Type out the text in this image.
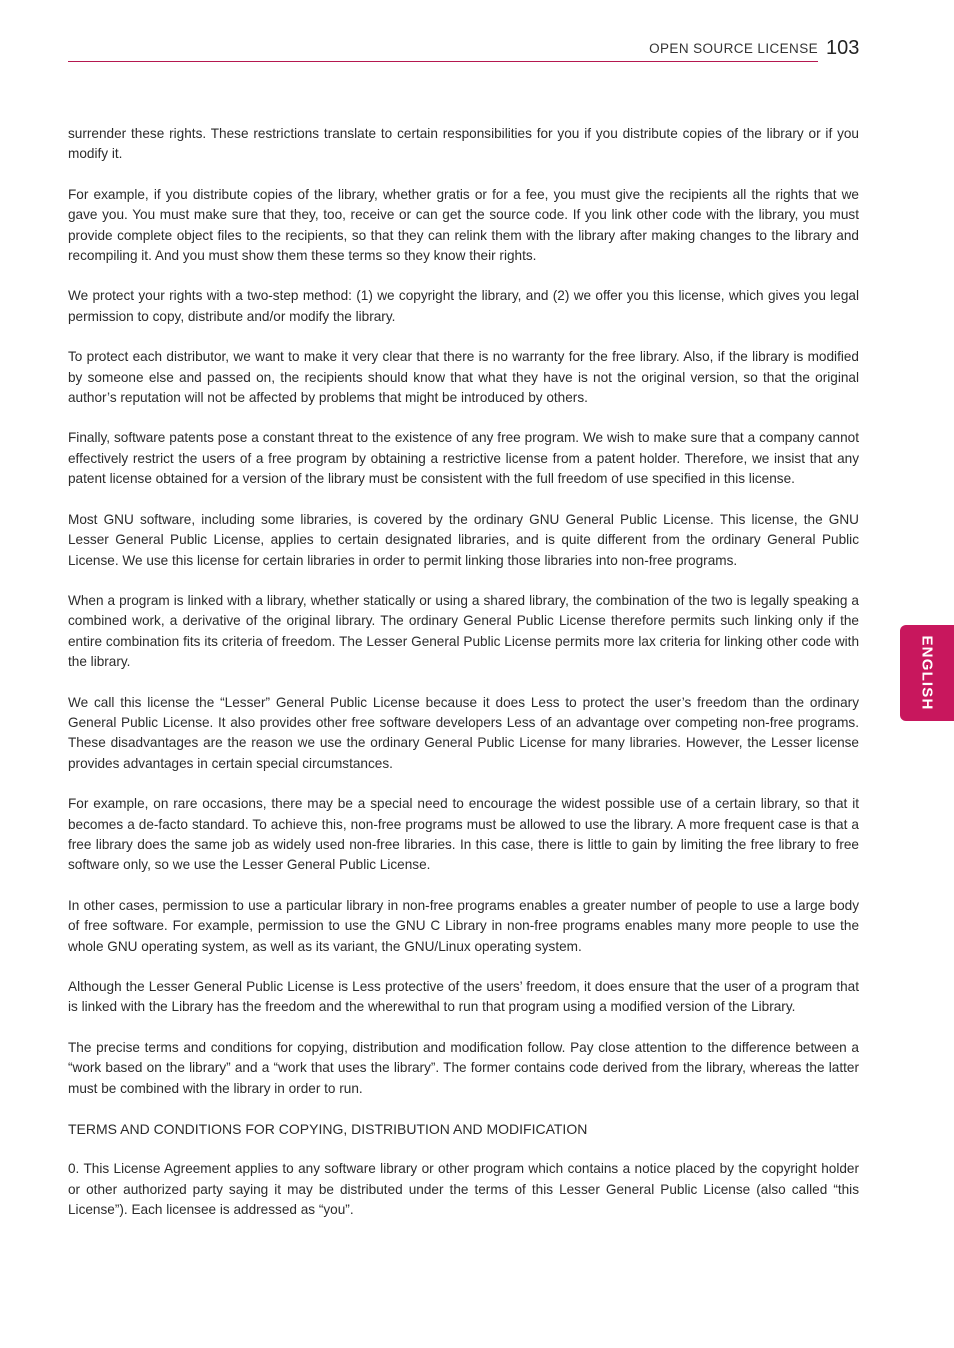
OPEN SOURCE LICENSE 103

surrender these rights. These restrictions translate to certain responsibilities for you if you distribute copies of the library or if you modify it.

For example, if you distribute copies of the library, whether gratis or for a fee, you must give the recipients all the rights that we gave you. You must make sure that they, too, receive or can get the source code. If you link other code with the library, you must provide complete object files to the recipients, so that they can relink them with the library after making changes to the library and recompiling it. And you must show them these terms so they know their rights.

We protect your rights with a two-step method: (1) we copyright the library, and (2) we offer you this license, which gives you legal permission to copy, distribute and/or modify the library.

To protect each distributor, we want to make it very clear that there is no warranty for the free library. Also, if the library is modified by someone else and passed on, the recipients should know that what they have is not the original version, so that the original author’s reputation will not be affected by problems that might be introduced by others.

Finally, software patents pose a constant threat to the existence of any free program. We wish to make sure that a company cannot effectively restrict the users of a free program by obtaining a restrictive license from a patent holder. Therefore, we insist that any patent license obtained for a version of the library must be consistent with the full freedom of use specified in this license.

Most GNU software, including some libraries, is covered by the ordinary GNU General Public License. This license, the GNU Lesser General Public License, applies to certain designated libraries, and is quite different from the ordinary General Public License. We use this license for certain libraries in order to permit linking those libraries into non-free programs.

When a program is linked with a library, whether statically or using a shared library, the combination of the two is legally speaking a combined work, a derivative of the original library. The ordinary General Public License therefore permits such linking only if the entire combination fits its criteria of freedom. The Lesser General Public License permits more lax criteria for linking other code with the library.

We call this license the “Lesser” General Public License because it does Less to protect the user’s freedom than the ordinary General Public License. It also provides other free software developers Less of an advantage over competing non-free programs. These disadvantages are the reason we use the ordinary General Public License for many libraries. However, the Lesser license provides advantages in certain special circumstances.

For example, on rare occasions, there may be a special need to encourage the widest possible use of a certain library, so that it becomes a de-facto standard. To achieve this, non-free programs must be allowed to use the library. A more frequent case is that a free library does the same job as widely used non-free libraries. In this case, there is little to gain by limiting the free library to free software only, so we use the Lesser General Public License.

In other cases, permission to use a particular library in non-free programs enables a greater number of people to use a large body of free software. For example, permission to use the GNU C Library in non-free programs enables many more people to use the whole GNU operating system, as well as its variant, the GNU/Linux operating system.

Although the Lesser General Public License is Less protective of the users’ freedom, it does ensure that the user of a program that is linked with the Library has the freedom and the wherewithal to run that program using a modified version of the Library.

The precise terms and conditions for copying, distribution and modification follow. Pay close attention to the difference between a “work based on the library” and a “work that uses the library”. The former contains code derived from the library, whereas the latter must be combined with the library in order to run.

TERMS AND CONDITIONS FOR COPYING, DISTRIBUTION AND MODIFICATION

0. This License Agreement applies to any software library or other program which contains a notice placed by the copyright holder or other authorized party saying it may be distributed under the terms of this Lesser General Public License (also called “this License”). Each licensee is addressed as “you”.

ENGLISH
